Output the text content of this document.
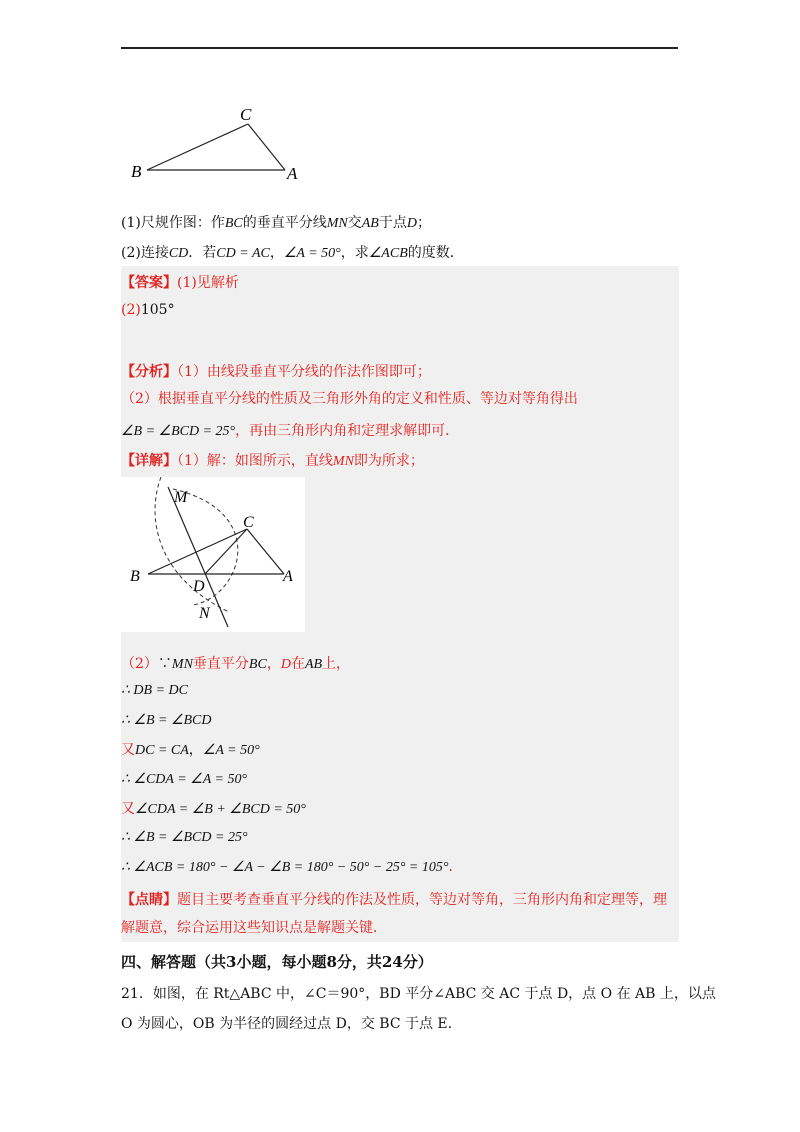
C
B	A
(1)尺规作图：作BC的垂直平分线MN交AB于点D；
(2)连接CD．若CD = AC，∠A = 50°，求∠ACB的度数．
【答案】(1)见解析
(2)105°
【分析】（1）由线段垂直平分线的作法作图即可；
（2）根据垂直平分线的性质及三角形外角的定义和性质、等边对等角得出
∠B = ∠BCD = 25°，再由三角形内角和定理求解即可．
【详解】（1）解：如图所示，直线MN即为所求；
M
C
B
D
A
N
（2）∵MN垂直平分BC，D在AB上，
∴ DB = DC
∴ ∠B = ∠BCD
又DC = CA，∠A = 50°
∴ ∠CDA = ∠A = 50°
又∠CDA = ∠B + ∠BCD = 50°
∴ ∠B = ∠BCD = 25°
∴ ∠ACB = 180° − ∠A − ∠B = 180° − 50° − 25° = 105°．
【点睛】题目主要考查垂直平分线的作法及性质，等边对等角，三角形内角和定理等，理
解题意，综合运用这些知识点是解题关键．
四、解答题（共3小题，每小题8分，共24分）
21．如图，在 Rt△ABC 中，∠C＝90°，BD 平分∠ABC 交 AC 于点 D，点 O 在 AB 上，以点
O 为圆心，OB 为半径的圆经过点 D，交 BC 于点 E.
